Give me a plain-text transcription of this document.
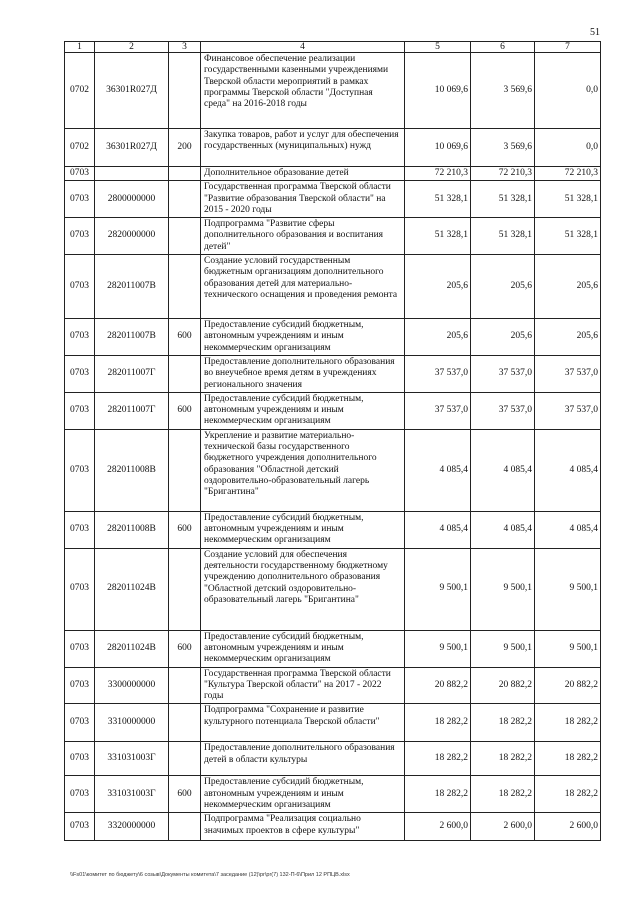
51
1	2	3	4	5	6	7
0702	36301R027Д		Финансовое обеспечение реализации государственными казенными учреждениями Тверской области мероприятий в рамках программы Тверской области "Доступная среда" на 2016-2018 годы	10 069,6	3 569,6	0,0
0702	36301R027Д	200	Закупка товаров, работ и услуг для обеспечения государственных (муниципальных) нужд	10 069,6	3 569,6	0,0
0703			Дополнительное образование детей	72 210,3	72 210,3	72 210,3
0703	2800000000		Государственная программа Тверской области "Развитие образования Тверской области" на 2015 - 2020 годы	51 328,1	51 328,1	51 328,1
0703	2820000000		Подпрограмма "Развитие сферы дополнительного образования и воспитания детей"	51 328,1	51 328,1	51 328,1
0703	282011007В		Создание условий государственным бюджетным организациям дополнительного образования детей для материально-технического оснащения и проведения ремонта	205,6	205,6	205,6
0703	282011007В	600	Предоставление субсидий бюджетным, автономным учреждениям и иным некоммерческим организациям	205,6	205,6	205,6
0703	282011007Г		Предоставление дополнительного образования во внеучебное время детям в учреждениях регионального значения	37 537,0	37 537,0	37 537,0
0703	282011007Г	600	Предоставление субсидий бюджетным, автономным учреждениям и иным некоммерческим организациям	37 537,0	37 537,0	37 537,0
0703	282011008В		Укрепление и развитие материально-технической базы государственного бюджетного учреждения дополнительного образования "Областной детский оздоровительно-образовательный лагерь "Бригантина"	4 085,4	4 085,4	4 085,4
0703	282011008В	600	Предоставление субсидий бюджетным, автономным учреждениям и иным некоммерческим организациям	4 085,4	4 085,4	4 085,4
0703	282011024В		Создание условий для обеспечения деятельности государственному бюджетному учреждению дополнительного образования "Областной детский оздоровительно-образовательный лагерь "Бригантина"	9 500,1	9 500,1	9 500,1
0703	282011024В	600	Предоставление субсидий бюджетным, автономным учреждениям и иным некоммерческим организациям	9 500,1	9 500,1	9 500,1
0703	3300000000		Государственная программа Тверской области "Культура Тверской области" на 2017 - 2022 годы	20 882,2	20 882,2	20 882,2
0703	3310000000		Подпрограмма "Сохранение и развитие культурного потенциала Тверской области"	18 282,2	18 282,2	18 282,2
0703	331031003Г		Предоставление дополнительного образования детей в области культуры	18 282,2	18 282,2	18 282,2
0703	331031003Г	600	Предоставление субсидий бюджетным, автономным учреждениям и иным некоммерческим организациям	18 282,2	18 282,2	18 282,2
0703	3320000000		Подпрограмма "Реализация социально значимых проектов в сфере культуры"	2 600,0	2 600,0	2 600,0
\\Fs01\комитет по бюджету\6 созыв\Документы комитета\7 заседание (12)\pr\pr(7) 132-П-6\Прил 12 РПЦВ.xlsx
